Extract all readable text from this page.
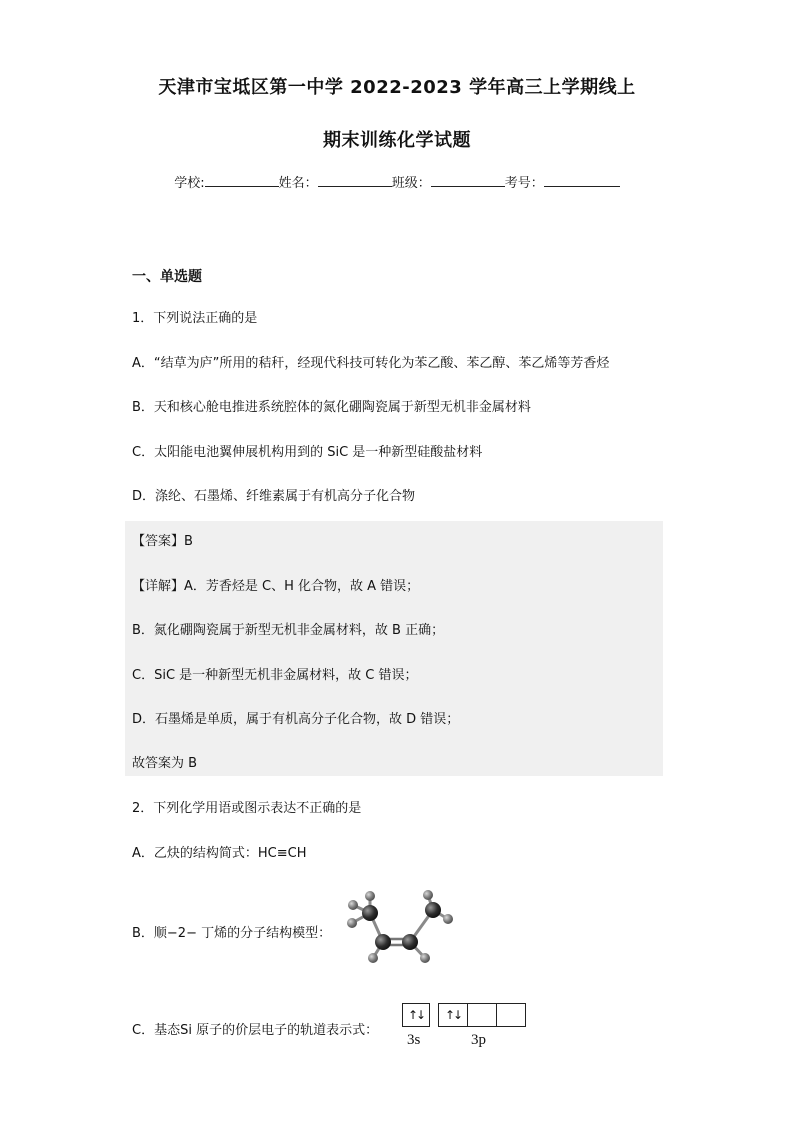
天津市宝坻区第一中学 2022-2023 学年高三上学期线上
期末训练化学试题
学校:	姓名：	班级：	考号：
一、单选题
1．下列说法正确的是
A．“结草为庐”所用的秸秆，经现代科技可转化为苯乙酸、苯乙醇、苯乙烯等芳香烃
B．天和核心舱电推进系统腔体的氮化硼陶瓷属于新型无机非金属材料
C．太阳能电池翼伸展机构用到的 SiC 是一种新型硅酸盐材料
D．涤纶、石墨烯、纤维素属于有机高分子化合物
【答案】B
【详解】A．芳香烃是 C、H 化合物，故 A 错误；
B．氮化硼陶瓷属于新型无机非金属材料，故 B 正确；
C．SiC 是一种新型无机非金属材料，故 C 错误；
D．石墨烯是单质，属于有机高分子化合物，故 D 错误；
故答案为 B
2．下列化学用语或图示表达不正确的是
A．乙炔的结构简式：HC≡CH
B．顺−2− 丁烯的分子结构模型：
C．基态Si 原子的价层电子的轨道表示式：
↑↓	↑↓
3s	3p
